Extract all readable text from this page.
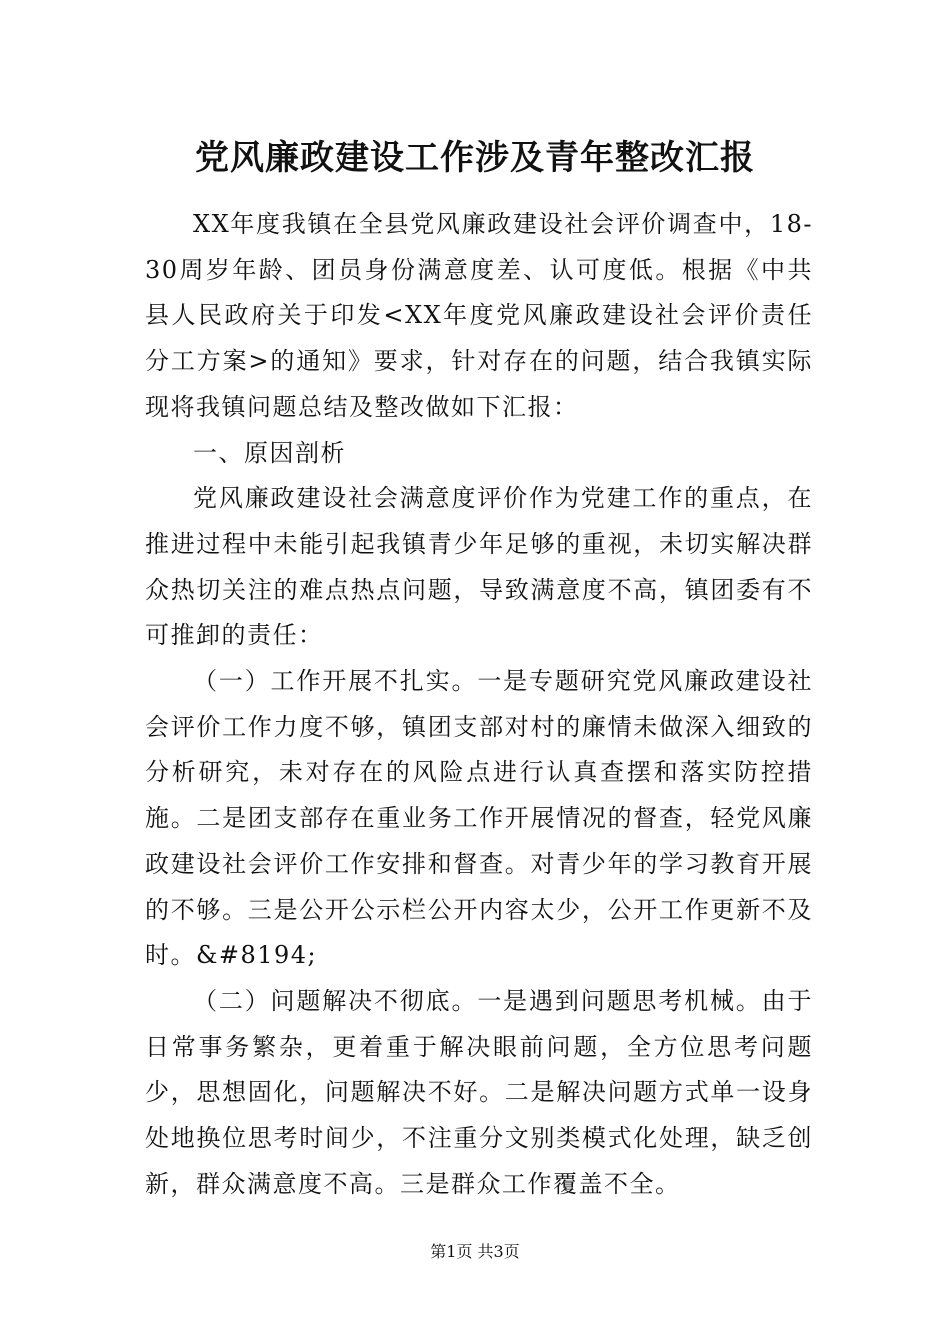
党风廉政建设工作涉及青年整改汇报

XX年度我镇在全县党风廉政建设社会评价调查中，18-30周岁年龄、团员身份满意度差、认可度低。根据《中共县人民政府关于印发<XX年度党风廉政建设社会评价责任分工方案>的通知》要求，针对存在的问题，结合我镇实际现将我镇问题总结及整改做如下汇报：

一、原因剖析

党风廉政建设社会满意度评价作为党建工作的重点，在推进过程中未能引起我镇青少年足够的重视，未切实解决群众热切关注的难点热点问题，导致满意度不高，镇团委有不可推卸的责任：

（一）工作开展不扎实。一是专题研究党风廉政建设社会评价工作力度不够，镇团支部对村的廉情未做深入细致的分析研究，未对存在的风险点进行认真查摆和落实防控措施。二是团支部存在重业务工作开展情况的督查，轻党风廉政建设社会评价工作安排和督查。对青少年的学习教育开展的不够。三是公开公示栏公开内容太少，公开工作更新不及时。&#8194;

（二）问题解决不彻底。一是遇到问题思考机械。由于日常事务繁杂，更着重于解决眼前问题，全方位思考问题少，思想固化，问题解决不好。二是解决问题方式单一设身处地换位思考时间少，不注重分文别类模式化处理，缺乏创新，群众满意度不高。三是群众工作覆盖不全。

第1页 共3页
